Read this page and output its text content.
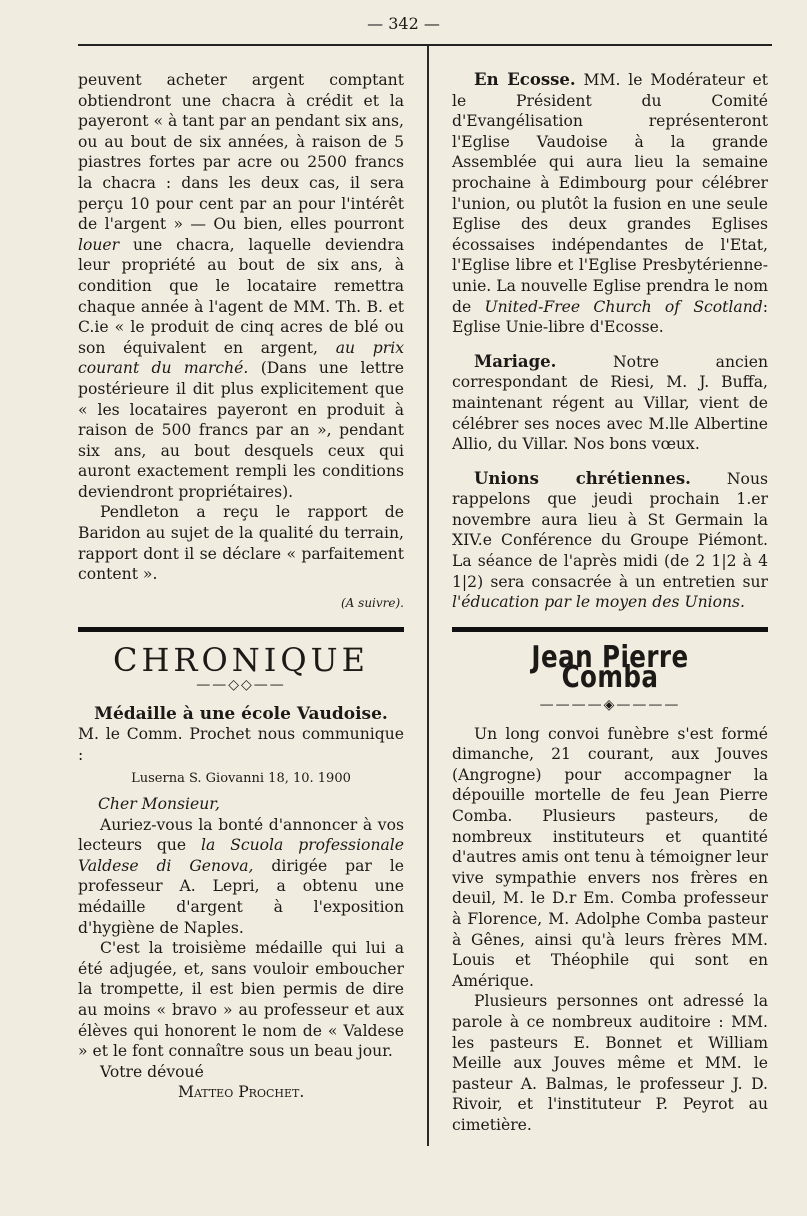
— 342 —

peuvent acheter argent comptant obtiendront une chacra à crédit et la payeront « à tant par an pendant six ans, ou au bout de six années, à raison de 5 piastres fortes par acre ou 2500 francs la chacra : dans les deux cas, il sera perçu 10 pour cent par an pour l'intérêt de l'argent » — Ou bien, elles pourront louer une chacra, laquelle deviendra leur propriété au bout de six ans, à condition que le locataire remettra chaque année à l'agent de MM. Th. B. et C.ie « le produit de cinq acres de blé ou son équivalent en argent, au prix courant du marché. (Dans une lettre postérieure il dit plus explicitement que « les locataires payeront en produit à raison de 500 francs par an », pendant six ans, au bout desquels ceux qui auront exactement rempli les conditions deviendront propriétaires).

Pendleton a reçu le rapport de Baridon au sujet de la qualité du terrain, rapport dont il se déclare « parfaitement content ».

(A suivre).
CHRONIQUE
——◇◇——

Médaille à une école Vaudoise.

M. le Comm. Prochet nous communique :

Luserna S. Giovanni 18, 10. 1900

Cher Monsieur,

Auriez-vous la bonté d'annoncer à vos lecteurs que la Scuola professionale Valdese di Genova, dirigée par le professeur A. Lepri, a obtenu une médaille d'argent à l'exposition d'hygiène de Naples.

C'est la troisième médaille qui lui a été adjugée, et, sans vouloir emboucher la trompette, il est bien permis de dire au moins « bravo » au professeur et aux élèves qui honorent le nom de « Valdese » et le font connaître sous un beau jour.

Votre dévoué

Matteo Prochet.

En Ecosse. MM. le Modérateur et le Président du Comité d'Evangélisation représenteront l'Eglise Vaudoise à la grande Assemblée qui aura lieu la semaine prochaine à Edimbourg pour célébrer l'union, ou plutôt la fusion en une seule Eglise des deux grandes Eglises écossaises indépendantes de l'Etat, l'Eglise libre et l'Eglise Presbytérienne-unie. La nouvelle Eglise prendra le nom de United-Free Church of Scotland: Eglise Unie-libre d'Ecosse.

Mariage.	Notre ancien correspondant de Riesi, M. J. Buffa, maintenant régent au Villar, vient de célébrer ses noces avec M.lle Albertine Allio, du Villar. Nos bons vœux.

Unions chrétiennes. Nous rappelons que jeudi prochain 1.er novembre aura lieu à St Germain la XIV.e Conférence du Groupe Piémont. La séance de l'après midi (de 2 1|2 à 4 1|2) sera consacrée à un entretien sur l'éducation par le moyen des Unions.

Jean Pierre Comba
————◈————

Un long convoi funèbre s'est formé dimanche, 21 courant, aux Jouves (Angrogne) pour accompagner la dépouille mortelle de feu Jean Pierre Comba. Plusieurs pasteurs, de nombreux instituteurs et quantité d'autres amis ont tenu à témoigner leur vive sympathie envers nos frères en deuil, M. le D.r Em. Comba professeur à Florence, M. Adolphe Comba pasteur à Gênes, ainsi qu'à leurs frères MM. Louis et Théophile qui sont en Amérique.

Plusieurs personnes ont adressé la parole à ce nombreux auditoire : MM. les pasteurs E. Bonnet et William Meille aux Jouves même et MM. le pasteur A. Balmas, le professeur J. D. Rivoir, et l'instituteur P. Peyrot au cimetière.
